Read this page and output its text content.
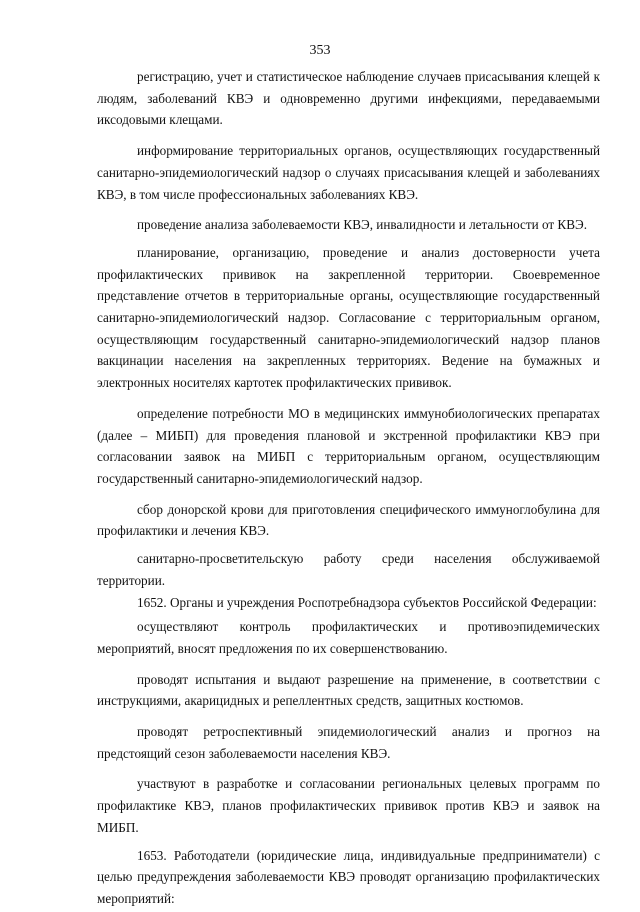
353

регистрацию, учет и статистическое наблюдение случаев присасывания клещей к людям, заболеваний КВЭ и одновременно другими инфекциями, передаваемыми иксодовыми клещами.

информирование территориальных органов, осуществляющих государственный санитарно-эпидемиологический надзор о случаях присасывания клещей и заболеваниях КВЭ, в том числе профессиональных заболеваниях КВЭ.

проведение анализа заболеваемости КВЭ, инвалидности и летальности от КВЭ.

планирование, организацию, проведение и анализ достоверности учета профилактических прививок на закрепленной территории. Своевременное представление отчетов в территориальные органы, осуществляющие государственный санитарно-эпидемиологический надзор. Согласование с территориальным органом, осуществляющим государственный санитарно-эпидемиологический надзор планов вакцинации населения на закрепленных территориях. Ведение на бумажных и электронных носителях картотек профилактических прививок.

определение потребности МО в медицинских иммунобиологических препаратах (далее – МИБП) для проведения плановой и экстренной профилактики КВЭ при согласовании заявок на МИБП с территориальным органом, осуществляющим государственный санитарно-эпидемиологический надзор.

сбор донорской крови для приготовления специфического иммуноглобулина для профилактики и лечения КВЭ.

санитарно-просветительскую работу среди населения обслуживаемой территории.

1652. Органы и учреждения Роспотребнадзора субъектов Российской Федерации:

осуществляют контроль профилактических и противоэпидемических мероприятий, вносят предложения по их совершенствованию.

проводят испытания и выдают разрешение на применение, в соответствии с инструкциями, акарицидных и репеллентных средств, защитных костюмов.

проводят ретроспективный эпидемиологический анализ и прогноз на предстоящий сезон заболеваемости населения КВЭ.

участвуют в разработке и согласовании региональных целевых программ по профилактике КВЭ, планов профилактических прививок против КВЭ и заявок на МИБП.

1653. Работодатели (юридические лица, индивидуальные предприниматели) с целью предупреждения заболеваемости КВЭ проводят организацию профилактических мероприятий:
